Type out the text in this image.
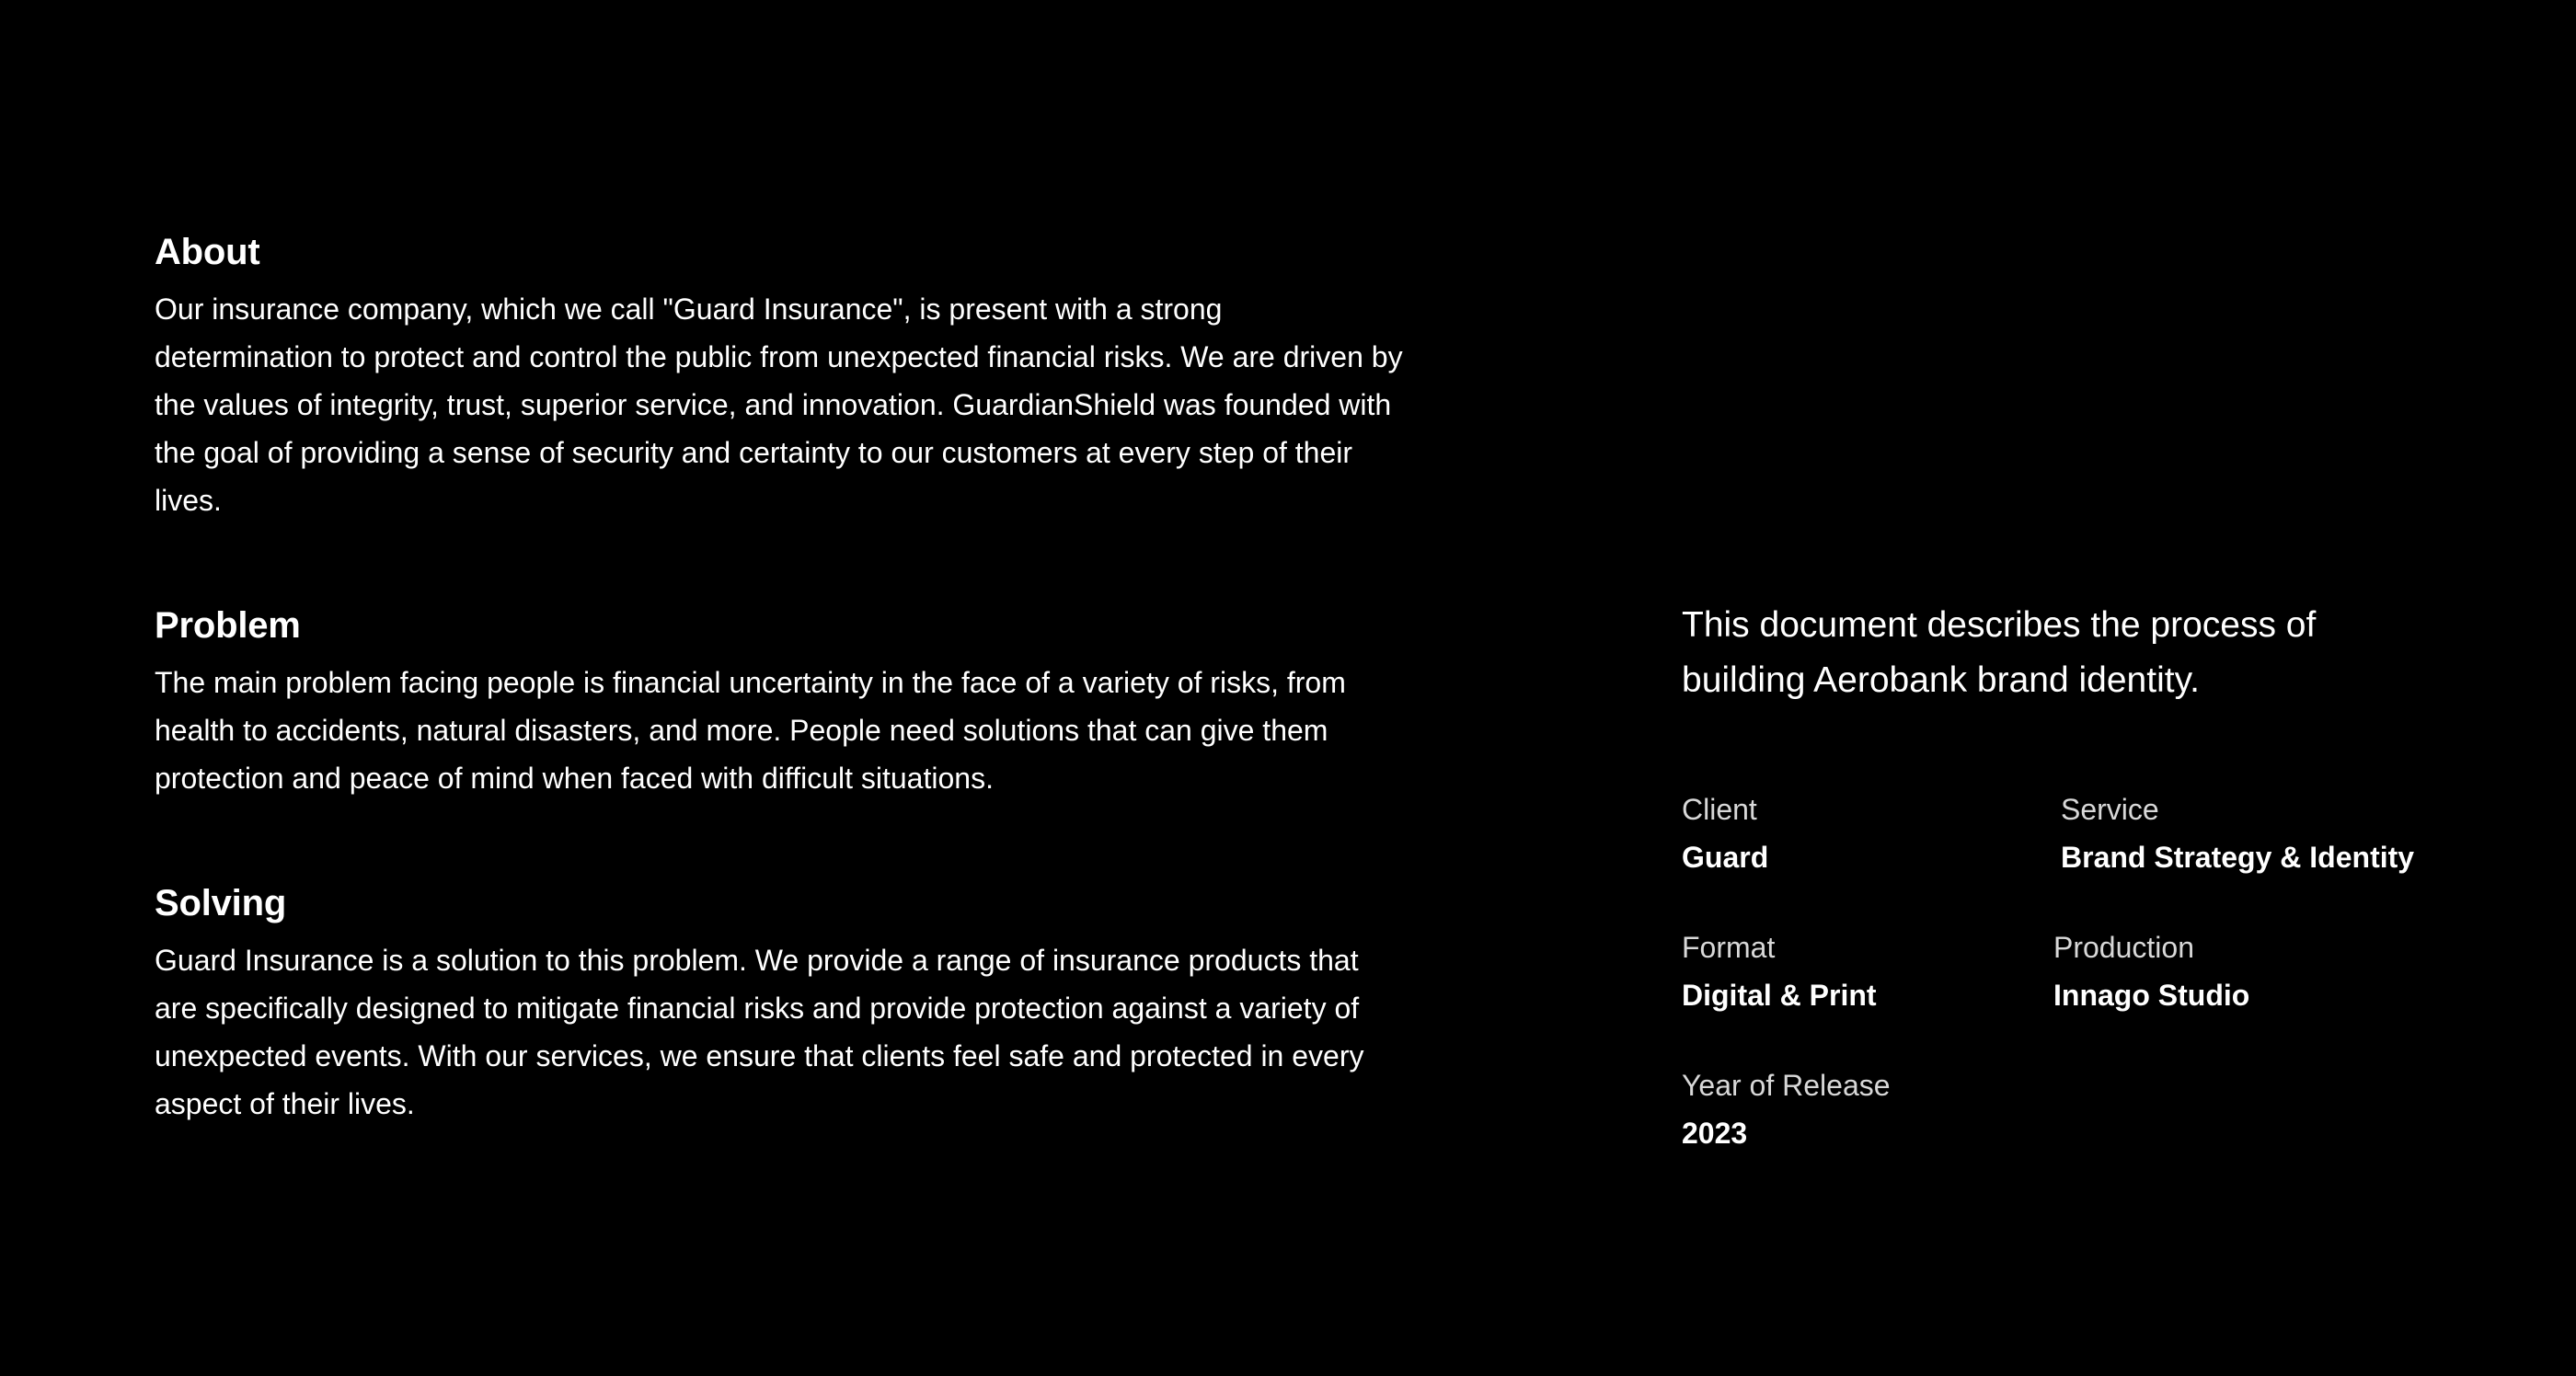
About

Our insurance company, which we call "Guard Insurance", is present with a strong determination to protect and control the public from unexpected financial risks. We are driven by the values of integrity, trust, superior service, and innovation. GuardianShield was founded with the goal of providing a sense of security and certainty to our customers at every step of their lives.

Problem

The main problem facing people is financial uncertainty in the face of a variety of risks, from health to accidents, natural disasters, and more. People need solutions that can give them protection and peace of mind when faced with difficult situations.

Solving

Guard Insurance is a solution to this problem. We provide a range of insurance products that are specifically designed to mitigate financial risks and provide protection against a variety of unexpected events. With our services, we ensure that clients feel safe and protected in every aspect of their lives.

This document describes the process of building Aerobank brand identity.

Client
Guard
Service
Brand Strategy & Identity
Format
Digital & Print
Production
Innago Studio
Year of Release
2023
